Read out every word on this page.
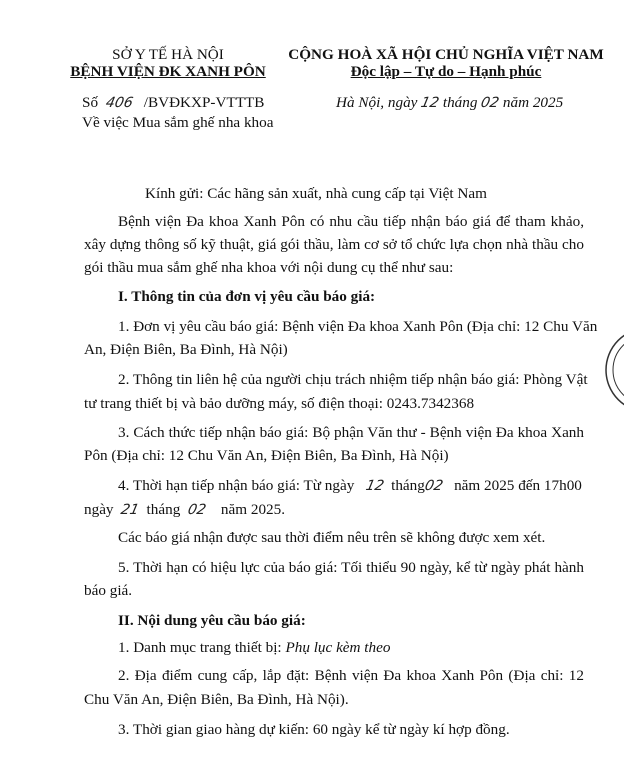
SỞ Y TẾ HÀ NỘI
BỆNH VIỆN ĐK XANH PÔN
CỘNG HOÀ XÃ HỘI CHỦ NGHĨA VIỆT NAM
Độc lập – Tự do – Hạnh phúc
Số 406 /BVĐKXP-VTTTB
Về việc Mua sắm ghế nha khoa
Hà Nội, ngày 12 tháng 02 năm 2025
Kính gửi: Các hãng sản xuất, nhà cung cấp tại Việt Nam
Bệnh viện Đa khoa Xanh Pôn có nhu cầu tiếp nhận báo giá để tham khảo,
xây dựng thông số kỹ thuật, giá gói thầu, làm cơ sở tổ chức lựa chọn nhà thầu cho
gói thầu mua sắm ghế nha khoa với nội dung cụ thể như sau:
I. Thông tin của đơn vị yêu cầu báo giá:
1. Đơn vị yêu cầu báo giá: Bệnh viện Đa khoa Xanh Pôn (Địa chỉ: 12 Chu Văn
An, Điện Biên, Ba Đình, Hà Nội)
2. Thông tin liên hệ của người chịu trách nhiệm tiếp nhận báo giá: Phòng Vật
tư trang thiết bị và bảo dưỡng máy, số điện thoại: 0243.7342368
3. Cách thức tiếp nhận báo giá: Bộ phận Văn thư - Bệnh viện Đa khoa Xanh
Pôn (Địa chỉ: 12 Chu Văn An, Điện Biên, Ba Đình, Hà Nội)
4. Thời hạn tiếp nhận báo giá: Từ ngày 12 tháng02 năm 2025 đến 17h00
ngày 21 tháng 02 năm 2025.
Các báo giá nhận được sau thời điểm nêu trên sẽ không được xem xét.
5. Thời hạn có hiệu lực của báo giá: Tối thiểu 90 ngày, kể từ ngày phát hành
báo giá.
II. Nội dung yêu cầu báo giá:
1. Danh mục trang thiết bị: Phụ lục kèm theo
2. Địa điểm cung cấp, lắp đặt: Bệnh viện Đa khoa Xanh Pôn (Địa chỉ: 12
Chu Văn An, Điện Biên, Ba Đình, Hà Nội).
3. Thời gian giao hàng dự kiến: 60 ngày kể từ ngày kí hợp đồng.
